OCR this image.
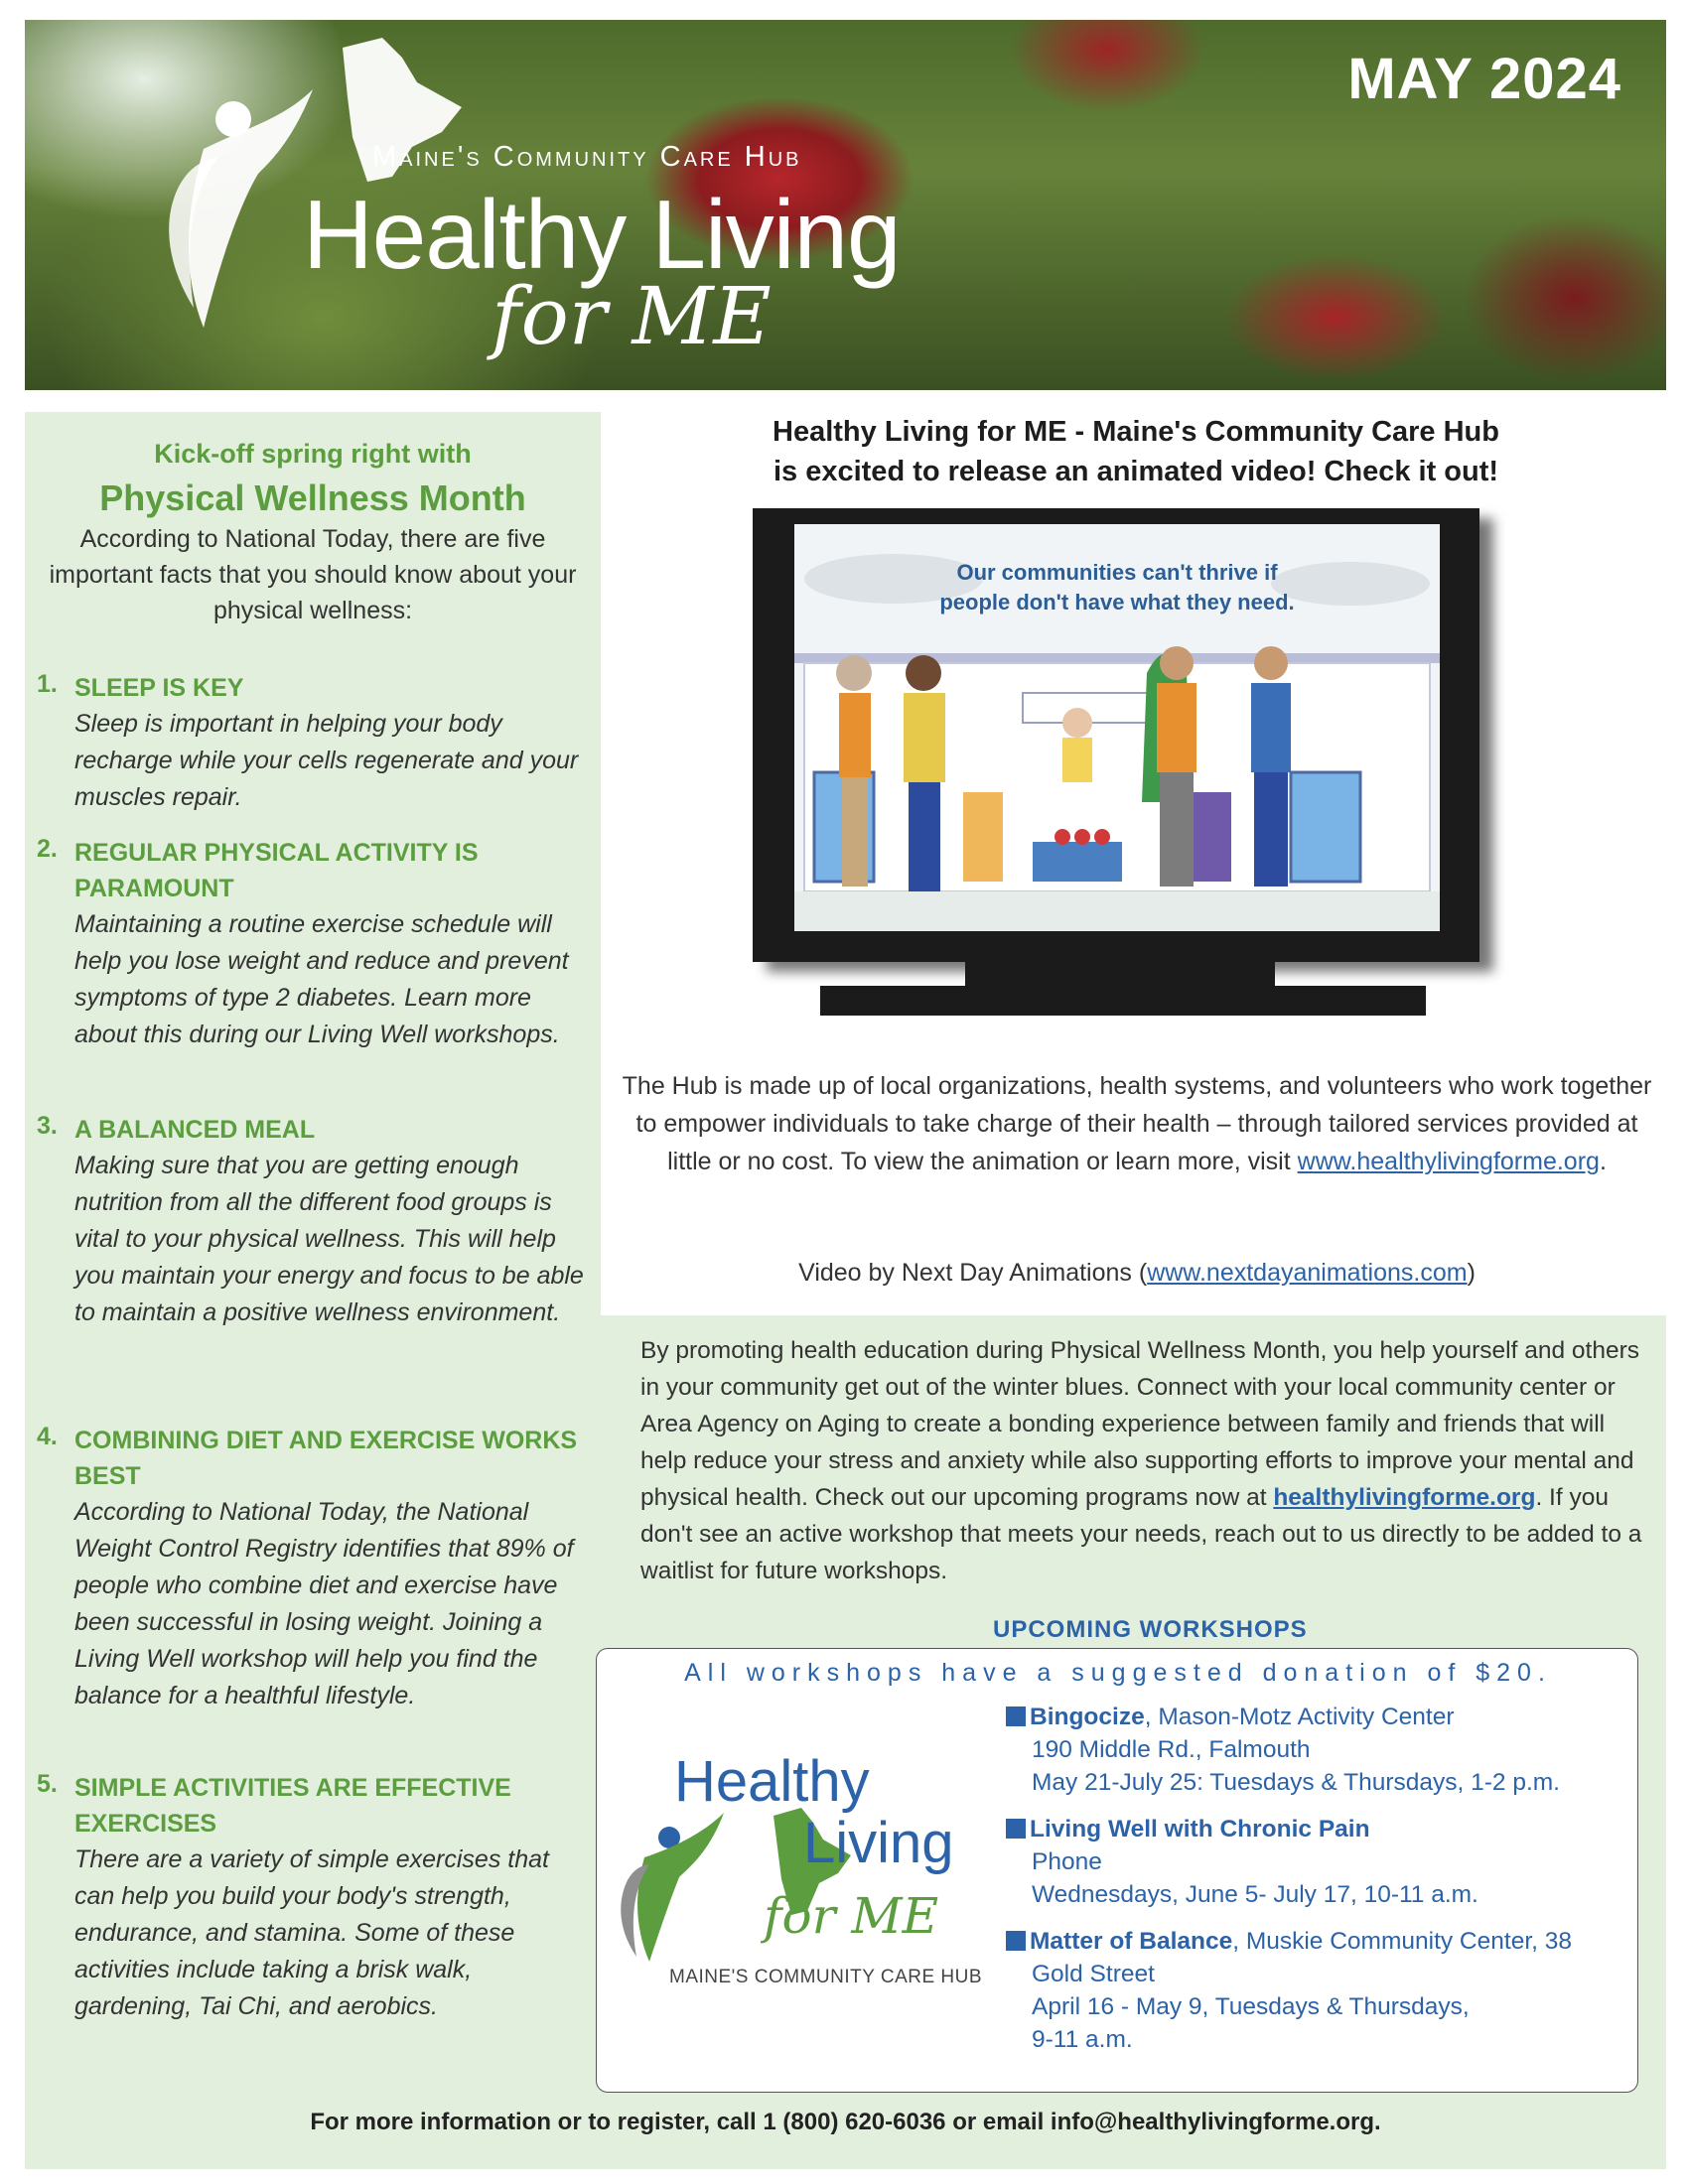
MAY 2024
Maine's Community Care Hub
Healthy Living
for ME
Kick-off spring right with
Physical Wellness Month
According to National Today, there are five important facts that you should know about your physical wellness:
1. SLEEP IS KEY
Sleep is important in helping your body recharge while your cells regenerate and your muscles repair.
2. REGULAR PHYSICAL ACTIVITY IS PARAMOUNT
Maintaining a routine exercise schedule will help you lose weight and reduce and prevent symptoms of type 2 diabetes. Learn more about this during our Living Well workshops.
3. A BALANCED MEAL
Making sure that you are getting enough nutrition from all the different food groups is vital to your physical wellness. This will help you maintain your energy and focus to be able to maintain a positive wellness environment.
4. COMBINING DIET AND EXERCISE WORKS BEST
According to National Today, the National Weight Control Registry identifies that 89% of people who combine diet and exercise have been successful in losing weight. Joining a Living Well workshop will help you find the balance for a healthful lifestyle.
5. SIMPLE ACTIVITIES ARE EFFECTIVE EXERCISES
There are a variety of simple exercises that can help you build your body's strength, endurance, and stamina. Some of these activities include taking a brisk walk, gardening, Tai Chi, and aerobics.
Healthy Living for ME - Maine's Community Care Hub
is excited to release an animated video! Check it out!
Our communities can't thrive if
people don't have what they need.
The Hub is made up of local organizations, health systems, and volunteers who work together to empower individuals to take charge of their health – through tailored services provided at little or no cost. To view the animation or learn more, visit www.healthylivingforme.org.
Video by Next Day Animations (www.nextdayanimations.com)
By promoting health education during Physical Wellness Month, you help yourself and others in your community get out of the winter blues. Connect with your local community center or Area Agency on Aging to create a bonding experience between family and friends that will help reduce your stress and anxiety while also supporting efforts to improve your mental and physical health. Check out our upcoming programs now at healthylivingforme.org. If you don't see an active workshop that meets your needs, reach out to us directly to be added to a waitlist for future workshops.
UPCOMING WORKSHOPS
All workshops have a suggested donation of $20.
Healthy
Living
for ME
MAINE'S COMMUNITY CARE HUB
Bingocize, Mason-Motz Activity Center
190 Middle Rd., Falmouth
May 21-July 25: Tuesdays & Thursdays, 1-2 p.m.
Living Well with Chronic Pain
Phone
Wednesdays, June 5- July 17, 10-11 a.m.
Matter of Balance, Muskie Community Center, 38
Gold Street
April 16 - May 9, Tuesdays & Thursdays,
9-11 a.m.
For more information or to register, call 1 (800) 620-6036 or email info@healthylivingforme.org.
